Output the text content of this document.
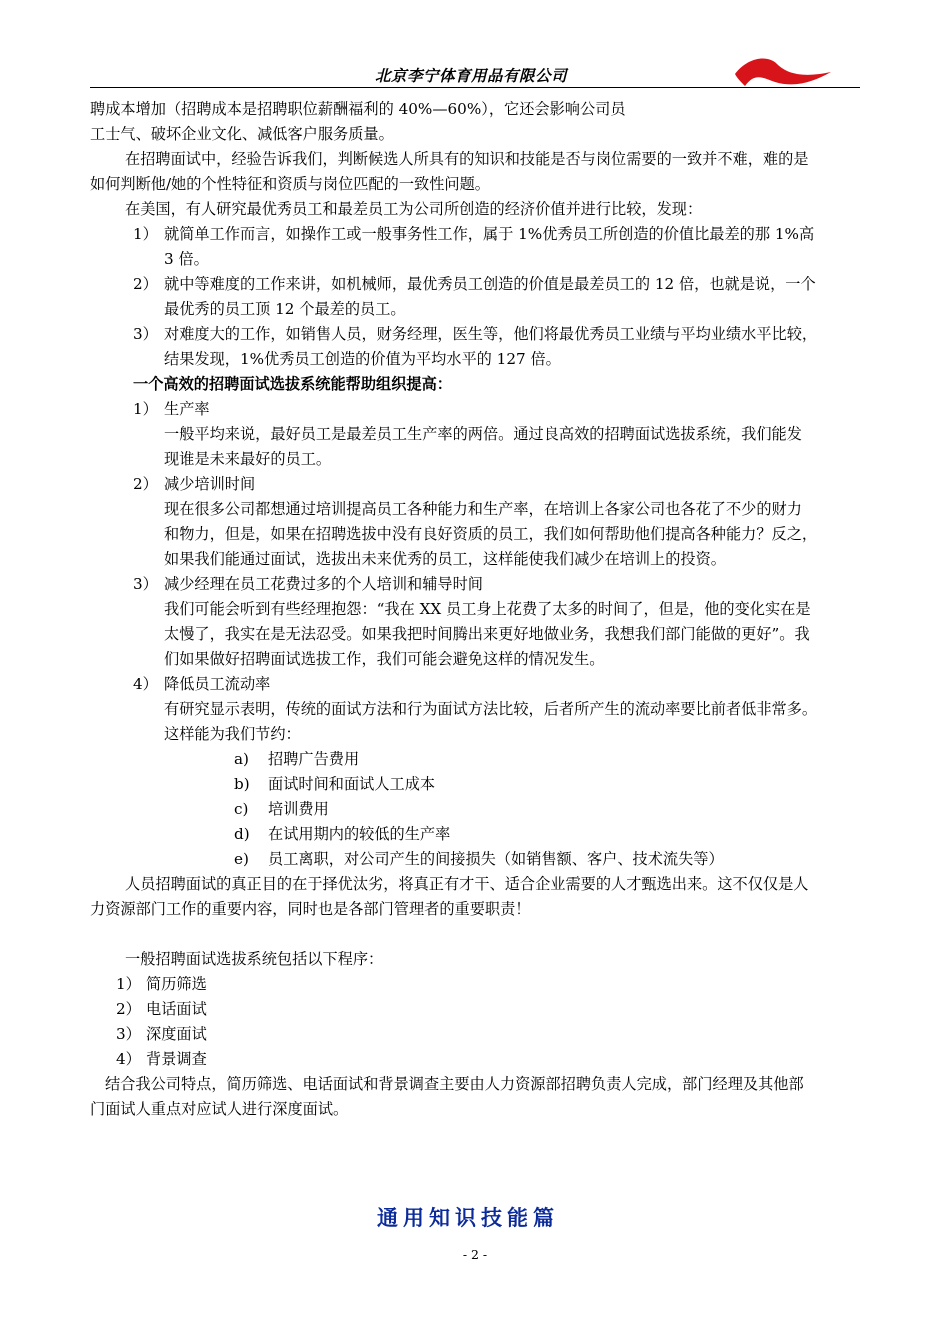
北京李宁体育用品有限公司
聘成本增加（招聘成本是招聘职位薪酬福利的 40%—60%），它还会影响公司员
工士气、破坏企业文化、减低客户服务质量。
在招聘面试中，经验告诉我们，判断候选人所具有的知识和技能是否与岗位需要的一致并不难，难的是
如何判断他/她的个性特征和资质与岗位匹配的一致性问题。
在美国，有人研究最优秀员工和最差员工为公司所创造的经济价值并进行比较，发现：
1） 就简单工作而言，如操作工或一般事务性工作，属于 1%优秀员工所创造的价值比最差的那 1%高
3 倍。
2） 就中等难度的工作来讲，如机械师，最优秀员工创造的价值是最差员工的 12 倍，也就是说，一个
最优秀的员工顶 12 个最差的员工。
3） 对难度大的工作，如销售人员，财务经理，医生等，他们将最优秀员工业绩与平均业绩水平比较，
结果发现，1%优秀员工创造的价值为平均水平的 127 倍。
一个高效的招聘面试选拔系统能帮助组织提高：
1） 生产率
一般平均来说，最好员工是最差员工生产率的两倍。通过良高效的招聘面试选拔系统，我们能发
现谁是未来最好的员工。
2） 减少培训时间
现在很多公司都想通过培训提高员工各种能力和生产率，在培训上各家公司也各花了不少的财力
和物力，但是，如果在招聘选拔中没有良好资质的员工，我们如何帮助他们提高各种能力？反之，
如果我们能通过面试，选拔出未来优秀的员工，这样能使我们减少在培训上的投资。
3） 减少经理在员工花费过多的个人培训和辅导时间
我们可能会听到有些经理抱怨：“我在 XX 员工身上花费了太多的时间了，但是，他的变化实在是
太慢了，我实在是无法忍受。如果我把时间腾出来更好地做业务，我想我们部门能做的更好”。我
们如果做好招聘面试选拔工作，我们可能会避免这样的情况发生。
4） 降低员工流动率
有研究显示表明，传统的面试方法和行为面试方法比较，后者所产生的流动率要比前者低非常多。
这样能为我们节约：
a) 招聘广告费用
b) 面试时间和面试人工成本
c) 培训费用
d) 在试用期内的较低的生产率
e) 员工离职，对公司产生的间接损失（如销售额、客户、技术流失等）
人员招聘面试的真正目的在于择优汰劣，将真正有才干、适合企业需要的人才甄选出来。这不仅仅是人
力资源部门工作的重要内容，同时也是各部门管理者的重要职责！
一般招聘面试选拔系统包括以下程序：
1） 简历筛选
2） 电话面试
3） 深度面试
4） 背景调查
结合我公司特点，简历筛选、电话面试和背景调查主要由人力资源部招聘负责人完成，部门经理及其他部
门面试人重点对应试人进行深度面试。
通用知识技能篇
- 2 -
